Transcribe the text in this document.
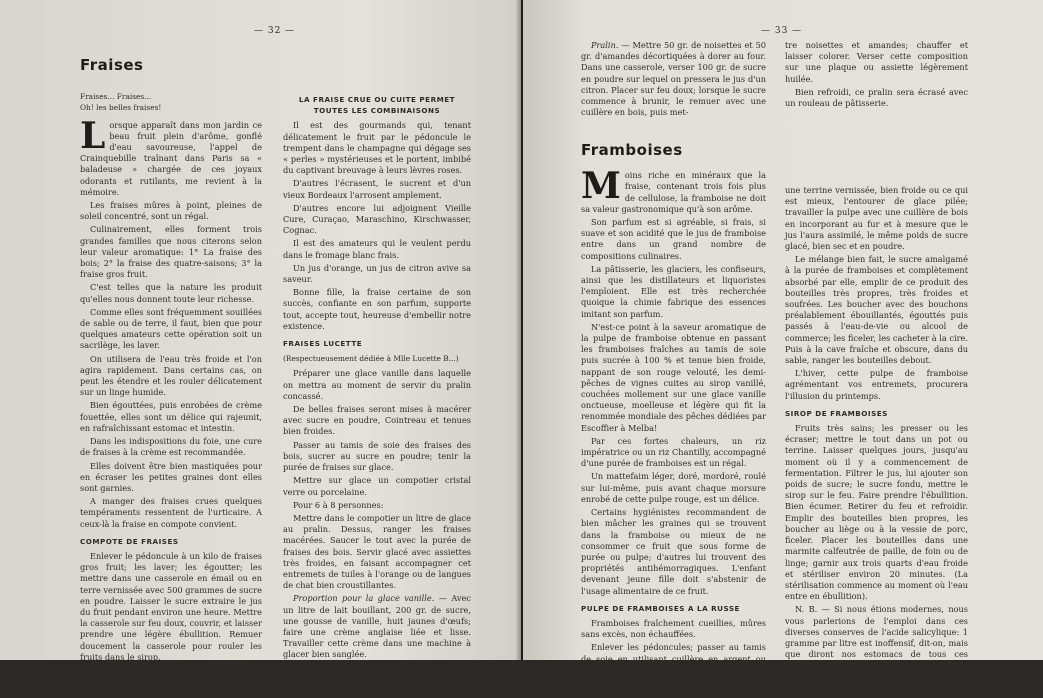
— 32 —
Fraises
Fraises... Fraises...
Oh! les belles fraises!

Lorsque apparaît dans mon jardin ce beau fruit plein d'arôme, gonflé d'eau savoureuse, l'appel de Crainquebille traînant dans Paris sa « baladeuse » chargée de ces joyaux odorants et rutilants, me revient à la mémoire.

Les fraises mûres à point, pleines de soleil concentré, sont un régal.

Culinairement, elles forment trois grandes familles que nous citerons selon leur valeur aromatique: 1° La fraise des bois; 2° la fraise des quatre-saisons; 3° la fraise gros fruit.

C'est telles que la nature les produit qu'elles nous donnent toute leur richesse.

Comme elles sont fréquemment souillées de sable ou de terre, il faut, bien que pour quelques amateurs cette opération soit un sacrilège, les laver.

On utilisera de l'eau très froide et l'on agira rapidement. Dans certains cas, on peut les étendre et les rouler délicatement sur un linge humide.

Bien égouttées, puis enrobées de crème fouettée, elles sont un délice qui rajeunit, en rafraîchissant estomac et intestin.

Dans les indispositions du foie, une cure de fraises à la crème est recommandée.

Elles doivent être bien mastiquées pour en écraser les petites graines dont elles sont garnies.

A manger des fraises crues quelques tempéraments ressentent de l'urticaire. A ceux-là la fraise en compote convient.

COMPOTE DE FRAISES

Enlever le pédoncule à un kilo de fraises gros fruit; les laver; les égoutter; les mettre dans une casserole en émail ou en terre vernissée avec 500 grammes de sucre en poudre. Laisser le sucre extraire le jus du fruit pendant environ une heure. Mettre la casserole sur feu doux, couvrir, et laisser prendre une légère ébullition. Remuer doucement la casserole pour rouler les fruits dans le sirop.

Quelques minutes de cuisson suffisent. Mettre à refroidir.

LA FRAISE CRUE OU CUITE PERMET TOUTES LES COMBINAISONS

Il est des gourmands qui, tenant délicatement le fruit par le pédoncule le trempent dans le champagne qui dégage ses « perles » mystérieuses et le portent, imbibé du captivant breuvage à leurs lèvres roses.

D'autres l'écrasent, le sucrent et d'un vieux Bordeaux l'arrosent amplement.

D'autres encore lui adjoignent Vieille Cure, Curaçao, Maraschino, Kirschwasser, Cognac.

Il est des amateurs qui le veulent perdu dans le fromage blanc frais.

Un jus d'orange, un jus de citron avive sa saveur.

Bonne fille, la fraise certaine de son succès, confiante en son parfum, supporte tout, accepte tout, heureuse d'embellir notre existence.

FRAISES LUCETTE
(Respectueusement dédiée à Mlle Lucette B...)

Préparer une glace vanille dans laquelle on mettra au moment de servir du pralin concassé.

De belles fraises seront mises à macérer avec sucre en poudre, Cointreau et tenues bien froides.

Passer au tamis de soie des fraises des bois, sucrer au sucre en poudre; tenir la purée de fraises sur glace.

Mettre sur glace un compotier cristal verre ou porcelaine.

Pour 6 à 8 personnes:

Mettre dans le compotier un litre de glace au pralin. Dessus, ranger les fraises macérées. Saucer le tout avec la purée de fraises des bois. Servir glacé avec assiettes très froides, en faisant accompagner cet entremets de tuiles à l'orange ou de langues de chat bien croustillantes.

Proportion pour la glace vanille. — Avec un litre de lait bouillant, 200 gr. de sucre, une gousse de vanille, huit jaunes d'œufs; faire une crème anglaise liée et lisse. Travailler cette crème dans une machine à glacer bien sanglée.

— 33 —

Pralin. — Mettre 50 gr. de noisettes et 50 gr. d'amandes décortiquées à dorer au four. Dans une casserole, verser 100 gr. de sucre en poudre sur lequel on pressera le jus d'un citron. Placer sur feu doux; lorsque le sucre commence à brunir, le remuer avec une cuillère en bois, puis met-

tre noisettes et amandes; chauffer et laisser colorer. Verser cette composition sur une plaque ou assiette légèrement huilée.

Bien refroidi, ce pralin sera écrasé avec un rouleau de pâtisserie.

Framboises

Moins riche en minéraux que la fraise, contenant trois fois plus de cellulose, la framboise ne doit sa valeur gastronomique qu'à son arôme.

Son parfum est si agréable, si frais, si suave et son acidité que le jus de framboise entre dans un grand nombre de compositions culinaires.

La pâtisserie, les glaciers, les confiseurs, ainsi que les distillateurs et liquoristes l'emploient. Elle est très recherchée quoique la chimie fabrique des essences imitant son parfum.

N'est-ce point à la saveur aromatique de la pulpe de framboise obtenue en passant les framboises fraîches au tamis de soie puis sucrée à 100 % et tenue bien froide, nappant de son rouge velouté, les demi-pêches de vignes cuites au sirop vanillé, couchées mollement sur une glace vanille onctueuse, moelleuse et légère qui fit la renommée mondiale des pêches dédiées par Escoffier à Melba!

Par ces fortes chaleurs, un riz impératrice ou un riz Chantilly, accompagné d'une purée de framboises est un régal.

Un mattefaim léger, doré, mordoré, roulé sur lui-même, puis avant chaque morsure enrobé de cette pulpe rouge, est un délice.

Certains hygiénistes recommandent de bien mâcher les graines qui se trouvent dans la framboise ou mieux de ne consommer ce fruit que sous forme de purée ou pulpe; d'autres lui trouvent des propriétés antihémorragiques. L'enfant devenant jeune fille doit s'abstenir de l'usage alimentaire de ce fruit.

PULPE DE FRAMBOISES A LA RUSSE

Framboises fraîchement cueillies, mûres sans excès, non échauffées.

Enlever les pédoncules; passer au tamis de soie en utilisant cuillère en argent ou champignon de bois. Peser la purée obtenue; la mettre dans

une terrine vernissée, bien froide ou ce qui est mieux, l'entourer de glace pilée; travailler la pulpe avec une cuillère de bois en incorporant au fur et à mesure que le jus l'aura assimilé, le même poids de sucre glacé, bien sec et en poudre.

Le mélange bien fait, le sucre amalgamé à la purée de framboises et complètement absorbé par elle, emplir de ce produit des bouteilles très propres, très froides et soufrées. Les boucher avec des bouchons préalablement ébouillantés, égouttés puis passés à l'eau-de-vie ou alcool de commerce; les ficeler, les cacheter à la cire. Puis à la cave fraîche et obscure, dans du sable, ranger les bouteilles debout.

L'hiver, cette pulpe de framboise agrémentant vos entremets, procurera l'illusion du printemps.

SIROP DE FRAMBOISES

Fruits très sains; les presser ou les écraser; mettre le tout dans un pot ou terrine. Laisser quelques jours, jusqu'au moment où il y a commencement de fermentation. Filtrer le jus, lui ajouter son poids de sucre; le sucre fondu, mettre le sirop sur le feu. Faire prendre l'ébullition. Bien écumer. Retirer du feu et refroidir. Emplir des bouteilles bien propres, les boucher au liège ou à la vessie de porc, ficeler. Placer les bouteilles dans une marmite calfeutrée de paille, de foin ou de linge; garnir aux trois quarts d'eau froide et stériliser environ 20 minutes. (La stérilisation commence au moment où l'eau entre en ébullition).

N. B. — Si nous étions modernes, nous vous parlerions de l'emploi dans ces diverses conserves de l'acide salicylique: 1 gramme par litre est inoffensif, dit-on, mais que diront nos estomacs de tous ces produits dits conserveurs ou améliorants !...

Mieux vaut s'en passer, pensons-nous.
